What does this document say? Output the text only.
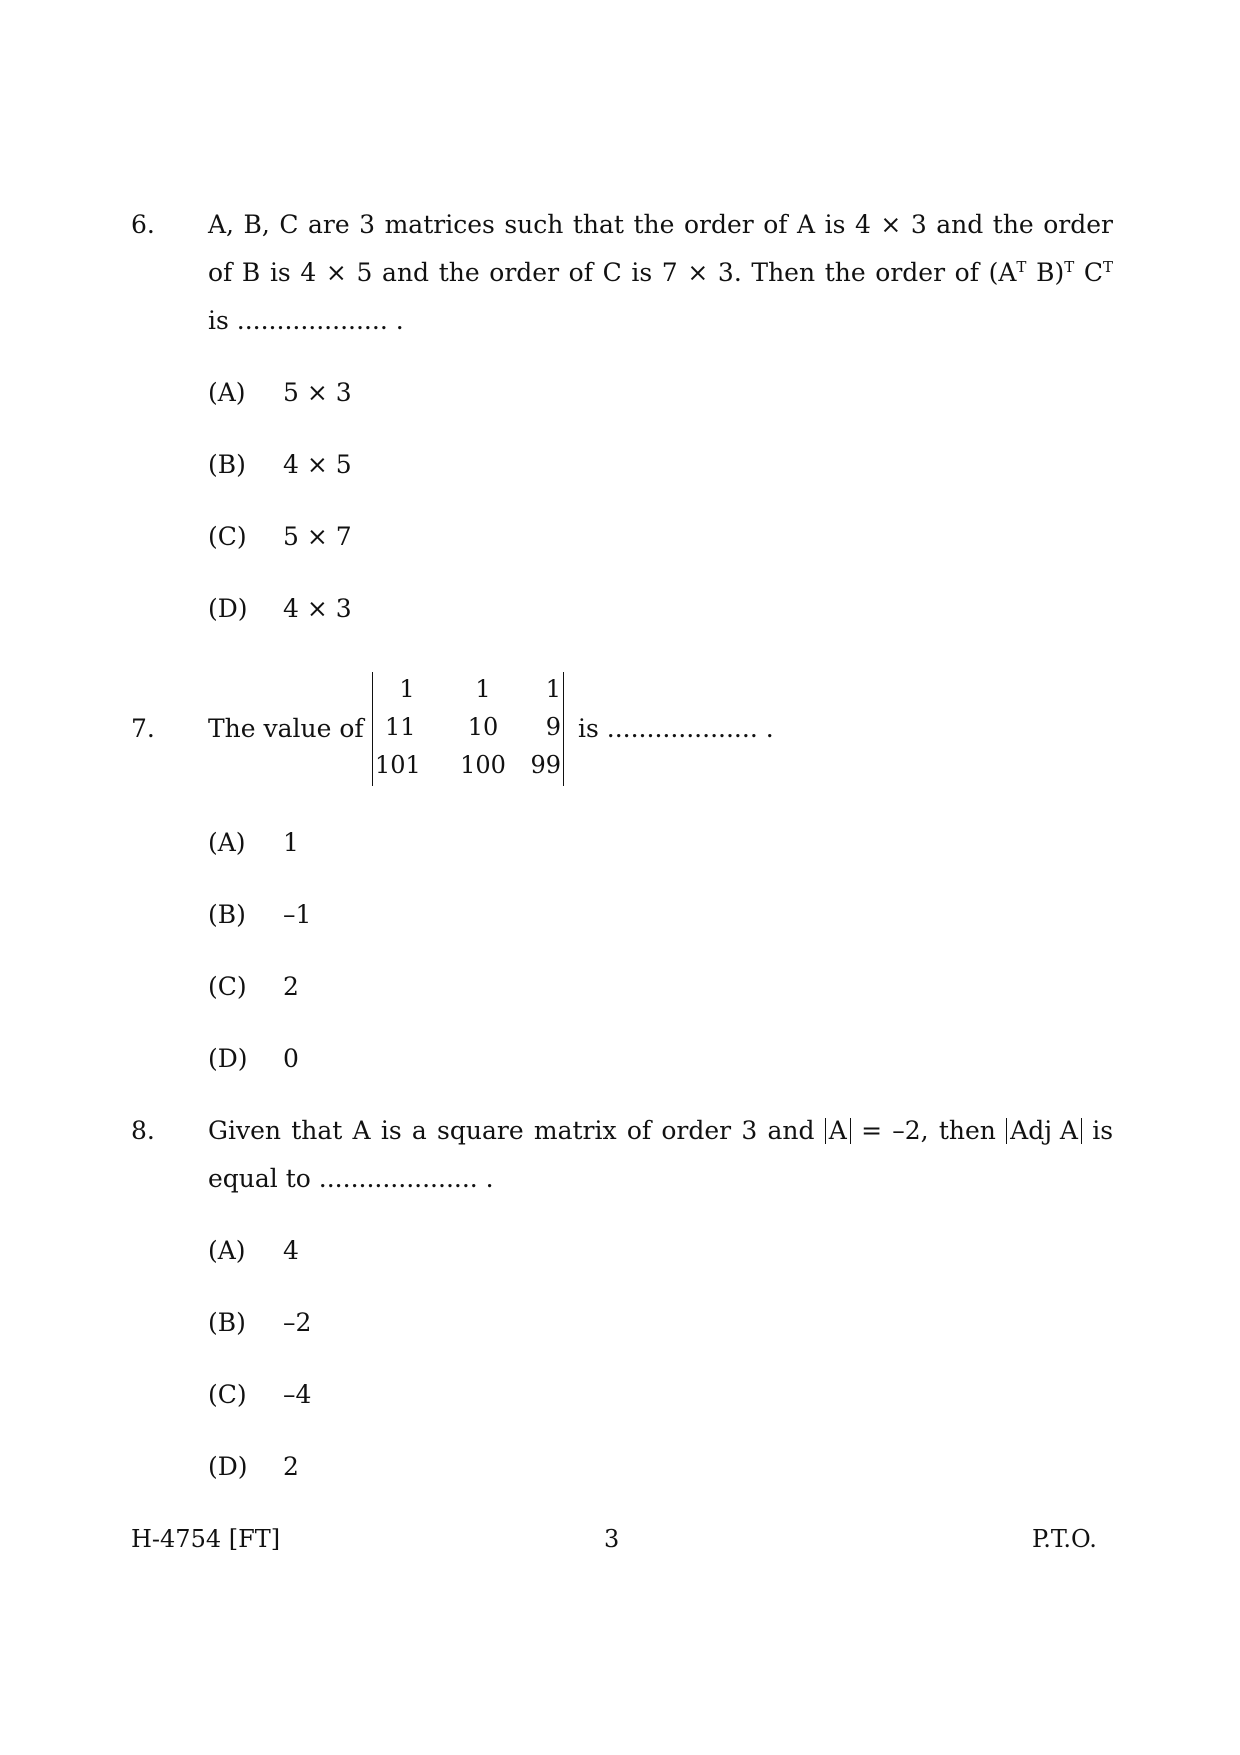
6. A, B, C are 3 matrices such that the order of A is 4 × 3 and the order
of B is 4 × 5 and the order of C is 7 × 3. Then the order of ($A^T$ B)$^T$ $C^T$
is ................... .
(A) 5 × 3
(B) 4 × 5
(C) 5 × 7
(D) 4 × 3
7. The value of
1	1	1
11	10	9
101	100	99
is ................... .
(A) 1
(B) –1
(C) 2
(D) 0
8. Given that A is a square matrix of order 3 and A = –2, then Adj A is
equal to .................... .
(A) 4
(B) –2
(C) –4
(D) 2
H-4754 [FT]	3	P.T.O.
